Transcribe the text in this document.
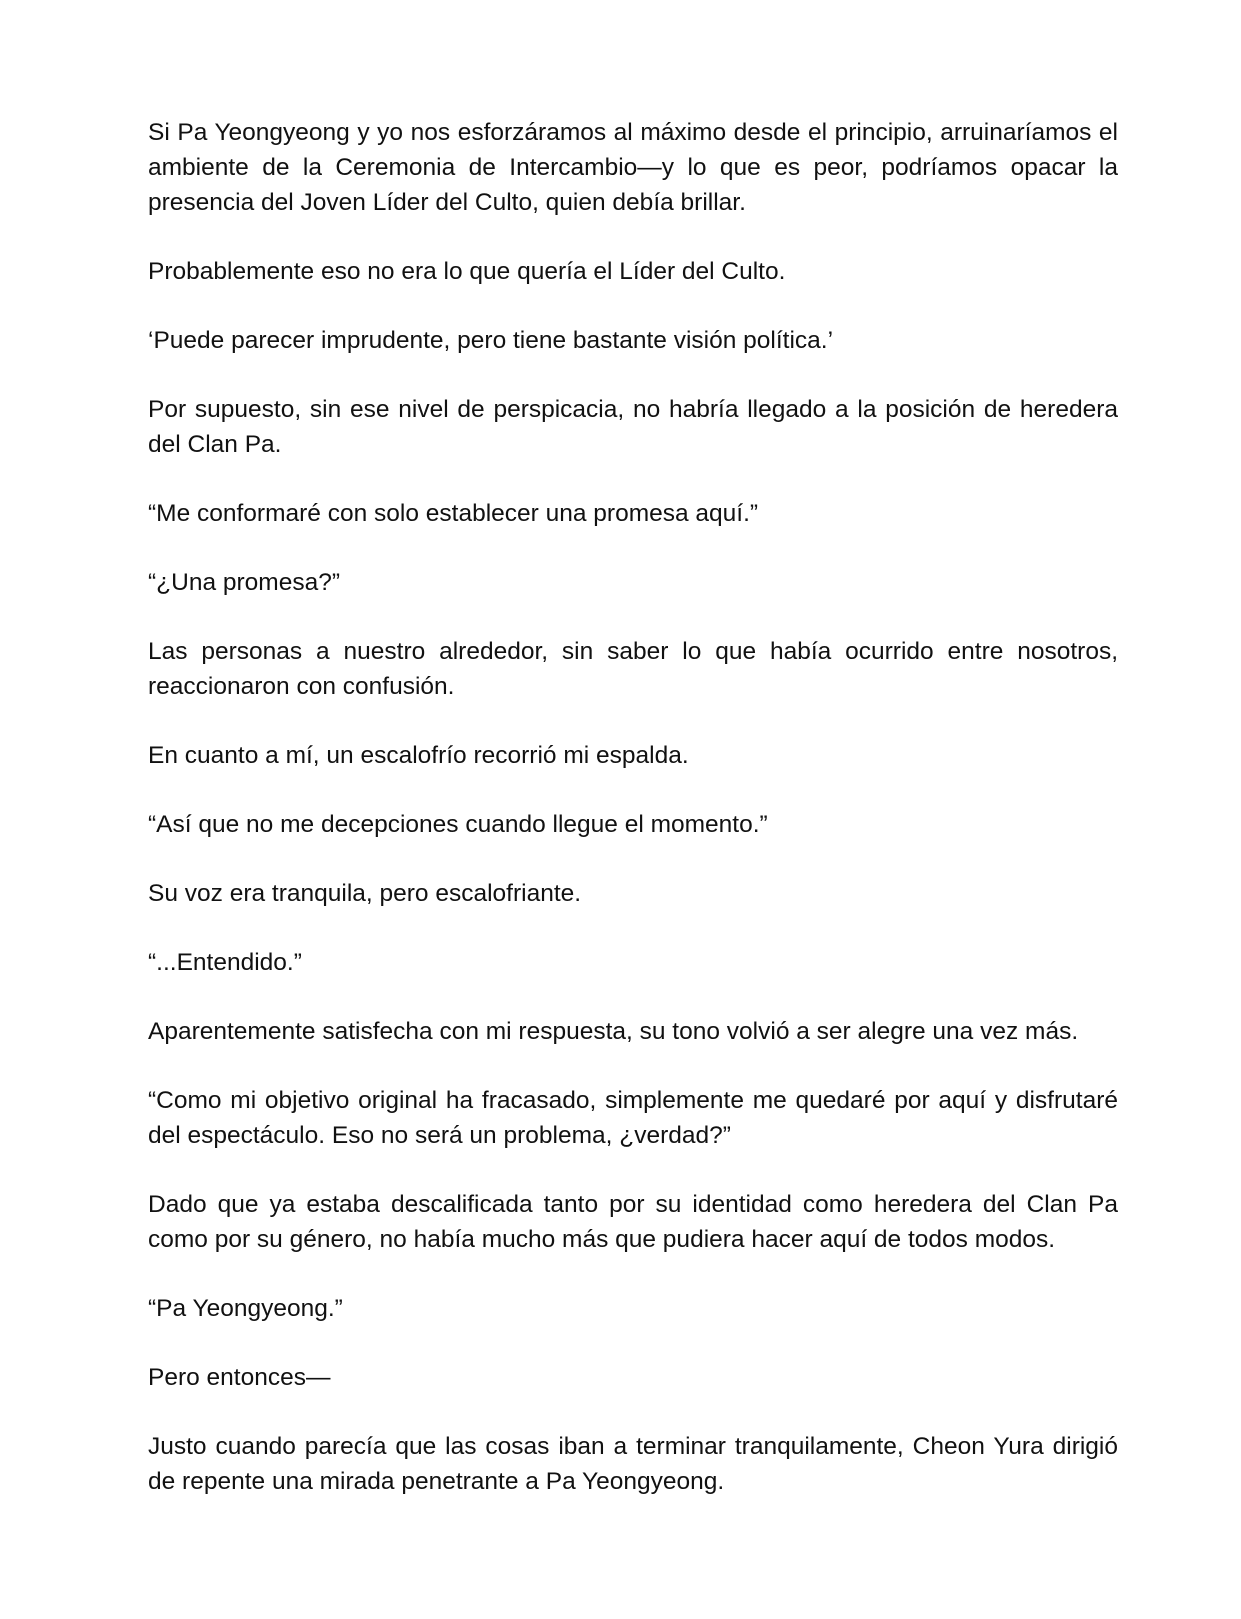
Si Pa Yeongyeong y yo nos esforzáramos al máximo desde el principio, arruinaríamos el ambiente de la Ceremonia de Intercambio—y lo que es peor, podríamos opacar la presencia del Joven Líder del Culto, quien debía brillar.

Probablemente eso no era lo que quería el Líder del Culto.

‘Puede parecer imprudente, pero tiene bastante visión política.’

Por supuesto, sin ese nivel de perspicacia, no habría llegado a la posición de heredera del Clan Pa.

“Me conformaré con solo establecer una promesa aquí.”

“¿Una promesa?”

Las personas a nuestro alrededor, sin saber lo que había ocurrido entre nosotros, reaccionaron con confusión.

En cuanto a mí, un escalofrío recorrió mi espalda.

“Así que no me decepciones cuando llegue el momento.”

Su voz era tranquila, pero escalofriante.

“...Entendido.”

Aparentemente satisfecha con mi respuesta, su tono volvió a ser alegre una vez más.

“Como mi objetivo original ha fracasado, simplemente me quedaré por aquí y disfrutaré del espectáculo. Eso no será un problema, ¿verdad?”

Dado que ya estaba descalificada tanto por su identidad como heredera del Clan Pa como por su género, no había mucho más que pudiera hacer aquí de todos modos.

“Pa Yeongyeong.”

Pero entonces—

Justo cuando parecía que las cosas iban a terminar tranquilamente, Cheon Yura dirigió de repente una mirada penetrante a Pa Yeongyeong.
